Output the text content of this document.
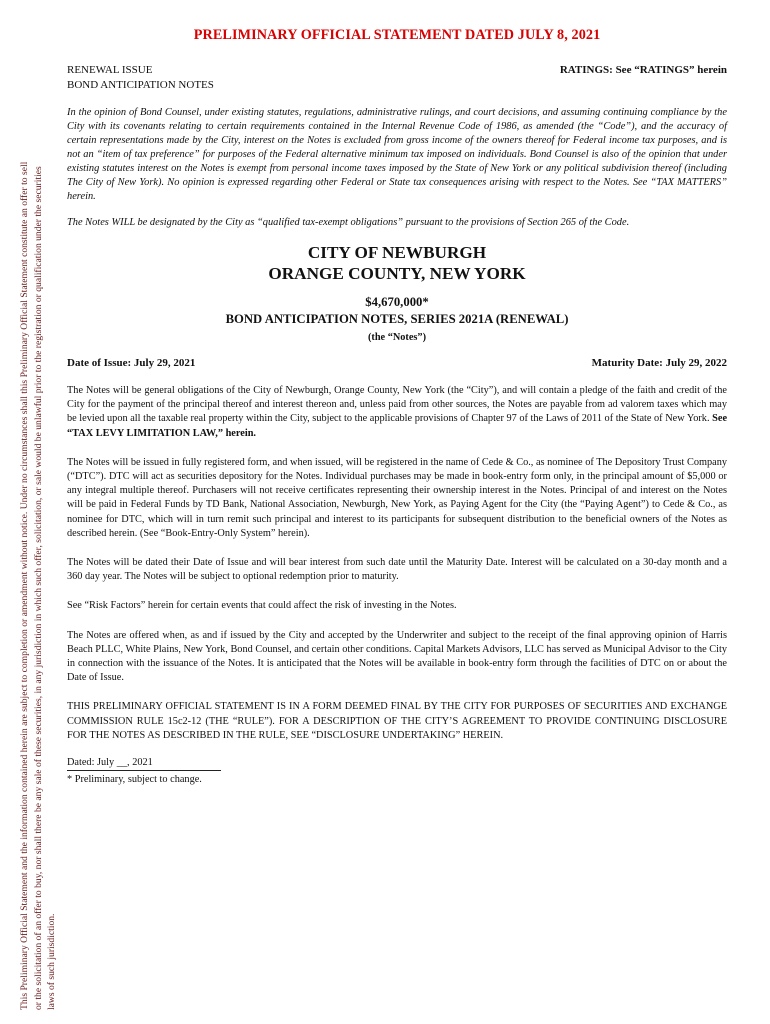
This Preliminary Official Statement and the information contained herein are subject to completion or amendment without notice. Under no circumstances shall this Preliminary Official Statement constitute an offer to sell or the solicitation of an offer to buy, nor shall there be any sale of these securities, in any jurisdiction in which such offer, solicitation, or sale would be unlawful prior to the registration or qualification under the securities laws of such jurisdiction.
PRELIMINARY OFFICIAL STATEMENT DATED JULY 8, 2021
RENEWAL ISSUE
BOND ANTICIPATION NOTES
RATINGS: See “RATINGS” herein
In the opinion of Bond Counsel, under existing statutes, regulations, administrative rulings, and court decisions, and assuming continuing compliance by the City with its covenants relating to certain requirements contained in the Internal Revenue Code of 1986, as amended (the “Code”), and the accuracy of certain representations made by the City, interest on the Notes is excluded from gross income of the owners thereof for Federal income tax purposes, and is not an “item of tax preference” for purposes of the Federal alternative minimum tax imposed on individuals. Bond Counsel is also of the opinion that under existing statutes interest on the Notes is exempt from personal income taxes imposed by the State of New York or any political subdivision thereof (including The City of New York). No opinion is expressed regarding other Federal or State tax consequences arising with respect to the Notes. See “TAX MATTERS” herein.
The Notes WILL be designated by the City as “qualified tax-exempt obligations” pursuant to the provisions of Section 265 of the Code.
CITY OF NEWBURGH
ORANGE COUNTY, NEW YORK
$4,670,000*
BOND ANTICIPATION NOTES, SERIES 2021A (RENEWAL)
(the “Notes”)
Date of Issue: July 29, 2021	Maturity Date: July 29, 2022
The Notes will be general obligations of the City of Newburgh, Orange County, New York (the “City”), and will contain a pledge of the faith and credit of the City for the payment of the principal thereof and interest thereon and, unless paid from other sources, the Notes are payable from ad valorem taxes which may be levied upon all the taxable real property within the City, subject to the applicable provisions of Chapter 97 of the Laws of 2011 of the State of New York. See “TAX LEVY LIMITATION LAW,” herein.
The Notes will be issued in fully registered form, and when issued, will be registered in the name of Cede & Co., as nominee of The Depository Trust Company (“DTC”). DTC will act as securities depository for the Notes. Individual purchases may be made in book-entry form only, in the principal amount of $5,000 or any integral multiple thereof. Purchasers will not receive certificates representing their ownership interest in the Notes. Principal of and interest on the Notes will be paid in Federal Funds by TD Bank, National Association, Newburgh, New York, as Paying Agent for the City (the “Paying Agent”) to Cede & Co., as nominee for DTC, which will in turn remit such principal and interest to its participants for subsequent distribution to the beneficial owners of the Notes as described herein. (See “Book-Entry-Only System” herein).
The Notes will be dated their Date of Issue and will bear interest from such date until the Maturity Date. Interest will be calculated on a 30-day month and a 360 day year. The Notes will be subject to optional redemption prior to maturity.
See “Risk Factors” herein for certain events that could affect the risk of investing in the Notes.
The Notes are offered when, as and if issued by the City and accepted by the Underwriter and subject to the receipt of the final approving opinion of Harris Beach PLLC, White Plains, New York, Bond Counsel, and certain other conditions. Capital Markets Advisors, LLC has served as Municipal Advisor to the City in connection with the issuance of the Notes. It is anticipated that the Notes will be available in book-entry form through the facilities of DTC on or about the Date of Issue.
THIS PRELIMINARY OFFICIAL STATEMENT IS IN A FORM DEEMED FINAL BY THE CITY FOR PURPOSES OF SECURITIES AND EXCHANGE COMMISSION RULE 15c2-12 (THE “RULE”). FOR A DESCRIPTION OF THE CITY’S AGREEMENT TO PROVIDE CONTINUING DISCLOSURE FOR THE NOTES AS DESCRIBED IN THE RULE, SEE “DISCLOSURE UNDERTAKING” HEREIN.
Dated: July __, 2021
* Preliminary, subject to change.
